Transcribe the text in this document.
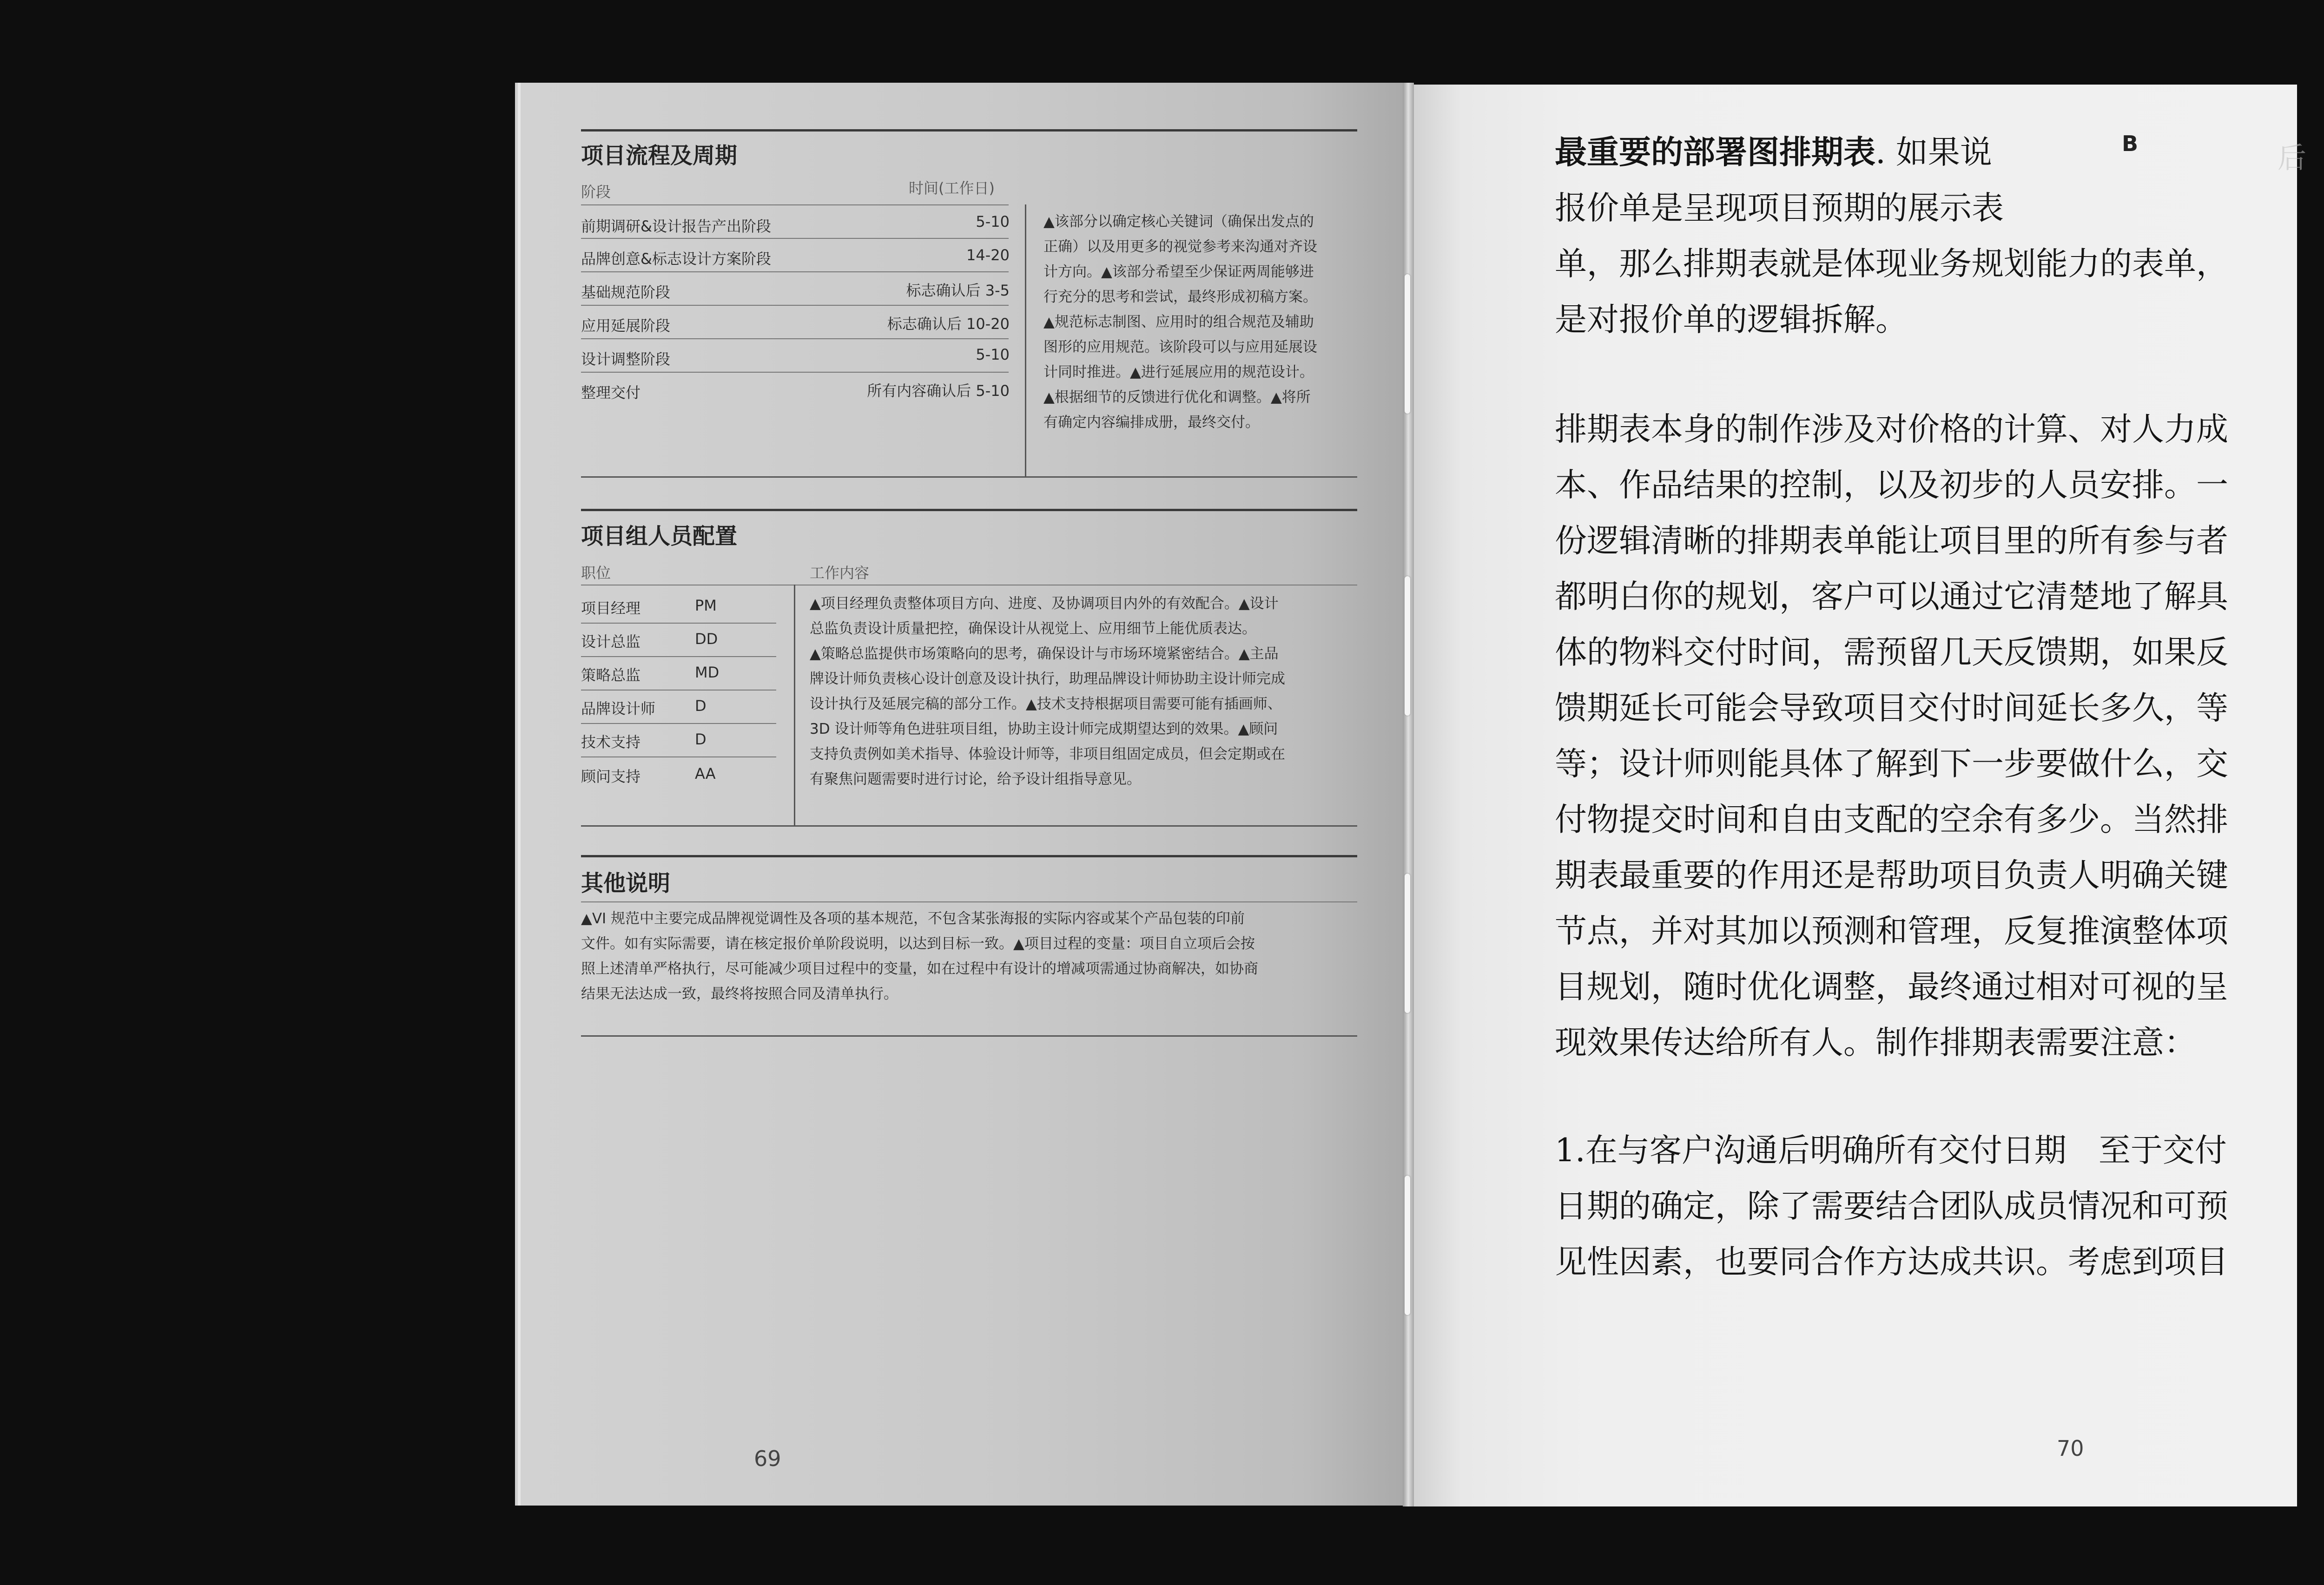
项目流程及周期
阶段	时间(工作日)
前期调研&设计报告产出阶段	5-10
品牌创意&标志设计方案阶段	14-20
基础规范阶段	标志确认后 3-5
应用延展阶段	标志确认后 10-20
设计调整阶段	5-10
整理交付	所有内容确认后 5-10
▲该部分以确定核心关键词（确保出发点的
正确）以及用更多的视觉参考来沟通对齐设
计方向。▲该部分希望至少保证两周能够进
行充分的思考和尝试，最终形成初稿方案。
▲规范标志制图、应用时的组合规范及辅助
图形的应用规范。该阶段可以与应用延展设
计同时推进。▲进行延展应用的规范设计。
▲根据细节的反馈进行优化和调整。▲将所
有确定内容编排成册，最终交付。
项目组人员配置
职位	工作内容
项目经理	PM
设计总监	DD
策略总监	MD
品牌设计师	D
技术支持	D
顾问支持	AA
▲项目经理负责整体项目方向、进度、及协调项目内外的有效配合。▲设计
总监负责设计质量把控，确保设计从视觉上、应用细节上能优质表达。
▲策略总监提供市场策略向的思考，确保设计与市场环境紧密结合。▲主品
牌设计师负责核心设计创意及设计执行，助理品牌设计师协助主设计师完成
设计执行及延展完稿的部分工作。▲技术支持根据项目需要可能有插画师、
3D 设计师等角色进驻项目组，协助主设计师完成期望达到的效果。▲顾问
支持负责例如美术指导、体验设计师等，非项目组固定成员，但会定期或在
有聚焦问题需要时进行讨论，给予设计组指导意见。
其他说明
▲VI 规范中主要完成品牌视觉调性及各项的基本规范，不包含某张海报的实际内容或某个产品包装的印前
文件。如有实际需要，请在核定报价单阶段说明，以达到目标一致。▲项目过程的变量：项目自立项后会按
照上述清单严格执行，尽可能减少项目过程中的变量，如在过程中有设计的增减项需通过协商解决，如协商
结果无法达成一致，最终将按照合同及清单执行。
69
后
最重要的部署图排期表. 如果说	B
报价单是呈现项目预期的展示表
单，那么排期表就是体现业务规划能力的表单，
是对报价单的逻辑拆解。
排期表本身的制作涉及对价格的计算、对人力成
本、作品结果的控制，以及初步的人员安排。一
份逻辑清晰的排期表单能让项目里的所有参与者
都明白你的规划，客户可以通过它清楚地了解具
体的物料交付时间，需预留几天反馈期，如果反
馈期延长可能会导致项目交付时间延长多久，等
等；设计师则能具体了解到下一步要做什么，交
付物提交时间和自由支配的空余有多少。当然排
期表最重要的作用还是帮助项目负责人明确关键
节点，并对其加以预测和管理，反复推演整体项
目规划，随时优化调整，最终通过相对可视的呈
现效果传达给所有人。制作排期表需要注意：
1.在与客户沟通后明确所有交付日期　至于交付
日期的确定，除了需要结合团队成员情况和可预
见性因素，也要同合作方达成共识。考虑到项目
70
